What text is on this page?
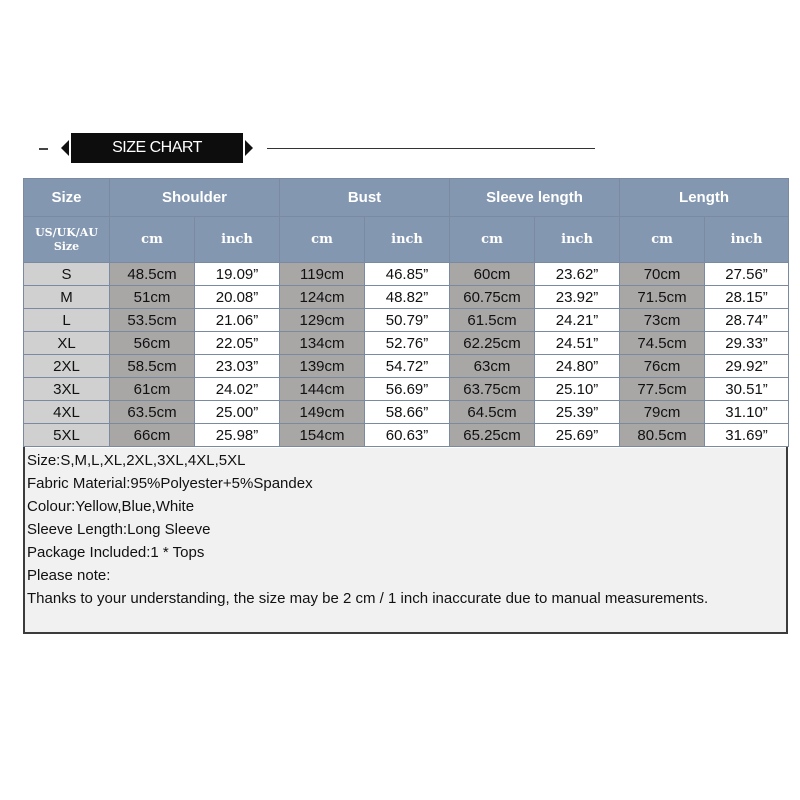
SIZE CHART
Size:S,M,L,XL,2XL,3XL,4XL,5XL
Fabric Material:95%Polyester+5%Spandex
Colour:Yellow,Blue,White
Sleeve Length:Long Sleeve
Package Included:1 * Tops
Please note:
Thanks to your understanding, the size may be 2 cm / 1 inch inaccurate due to manual measurements.
Size	Shoulder		Bust		Sleeve length		Length	

US/UK/AU
Size	cm	inch	cm	inch	cm	inch	cm	inch
S	48.5cm	19.09”	119cm	46.85”	60cm	23.62”	70cm	27.56”
M	51cm	20.08”	124cm	48.82”	60.75cm	23.92”	71.5cm	28.15”
L	53.5cm	21.06”	129cm	50.79”	61.5cm	24.21”	73cm	28.74”
XL	56cm	22.05”	134cm	52.76”	62.25cm	24.51”	74.5cm	29.33”
2XL	58.5cm	23.03”	139cm	54.72”	63cm	24.80”	76cm	29.92”
3XL	61cm	24.02”	144cm	56.69”	63.75cm	25.10”	77.5cm	30.51”
4XL	63.5cm	25.00”	149cm	58.66”	64.5cm	25.39”	79cm	31.10”
5XL	66cm	25.98”	154cm	60.63”	65.25cm	25.69”	80.5cm	31.69”
